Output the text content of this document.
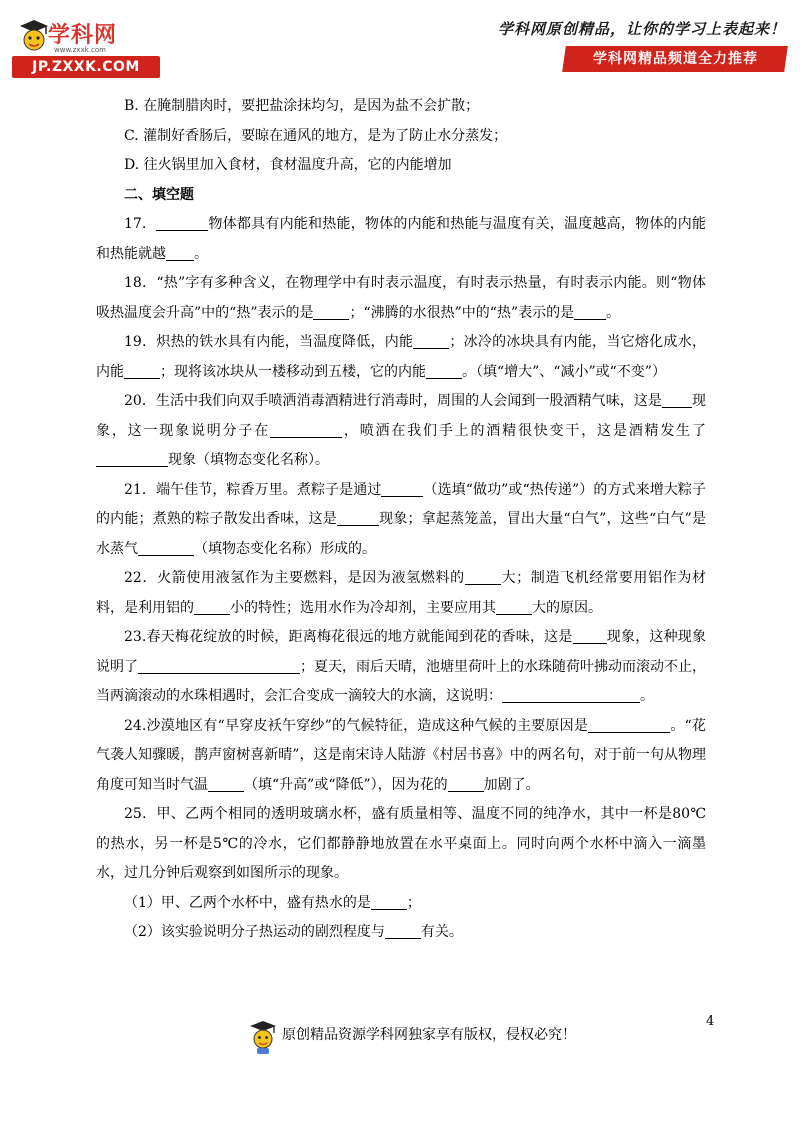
学科网
www.zxxk.com
JP.ZXXK.COM
学科网原创精品，让你的学习上表起来！
学科网精品频道全力推荐

B. 在腌制腊肉时，要把盐涂抹均匀，是因为盐不会扩散；

C. 灌制好香肠后，要晾在通风的地方，是为了防止水分蒸发；

D. 往火锅里加入食材，食材温度升高，它的内能增加

二、填空题

17．	物体都具有内能和热能，物体的内能和热能与温度有关，温度越高，物体的内能和热能就越 。

18．“热”字有多种含义，在物理学中有时表示温度，有时表示热量，有时表示内能。则“物体吸热温度会升高”中的“热”表示的是	；“沸腾的水很热”中的“热”表示的是 。

19．炽热的铁水具有内能，当温度降低，内能	；冰冷的冰块具有内能，当它熔化成水，内能	；现将该冰块从一楼移动到五楼，它的内能	。（填“增大”、“减小”或“不变”）

20．生活中我们向双手喷洒消毒酒精进行消毒时，周围的人会闻到一股酒精气味，这是 现象，这一现象说明分子在	，喷洒在我们手上的酒精很快变干，这是酒精发生了现象（填物态变化名称）。

21．端午佳节，粽香万里。煮粽子是通过	（选填“做功”或“热传递”）的方式来增大粽子的内能；煮熟的粽子散发出香味，这是	现象；拿起蒸笼盖，冒出大量“白气”，这些“白气”是水蒸气	（填物态变化名称）形成的。

22．火箭使用液氢作为主要燃料，是因为液氢燃料的	大；制造飞机经常要用铝作为材料，是利用铝的	小的特性；选用水作为冷却剂，主要应用其	大的原因。

23.春天梅花绽放的时候，距离梅花很远的地方就能闻到花的香味，这是 现象，这种现象说明了	；夏天，雨后天晴，池塘里荷叶上的水珠随荷叶拂动而滚动不止，当两滴滚动的水珠相遇时，会汇合变成一滴较大的水滴，这说明：	。

24.沙漠地区有“早穿皮袄午穿纱”的气候特征，造成这种气候的主要原因是	。“花气袭人知骤暖，鹊声窗树喜新晴”，这是南宋诗人陆游《村居书喜》中的两名句，对于前一句从物理角度可知当时气温	（填“升高”或“降低”），因为花的	加剧了。

25．甲、乙两个相同的透明玻璃水杯，盛有质量相等、温度不同的纯净水，其中一杯是80℃的热水，另一杯是5℃的冷水，它们都静静地放置在水平桌面上。同时向两个水杯中滴入一滴墨水，过几分钟后观察到如图所示的现象。

（1）甲、乙两个水杯中，盛有热水的是	；

（2）该实验说明分子热运动的剧烈程度与	有关。

4
原创精品资源学科网独家享有版权，侵权必究！
